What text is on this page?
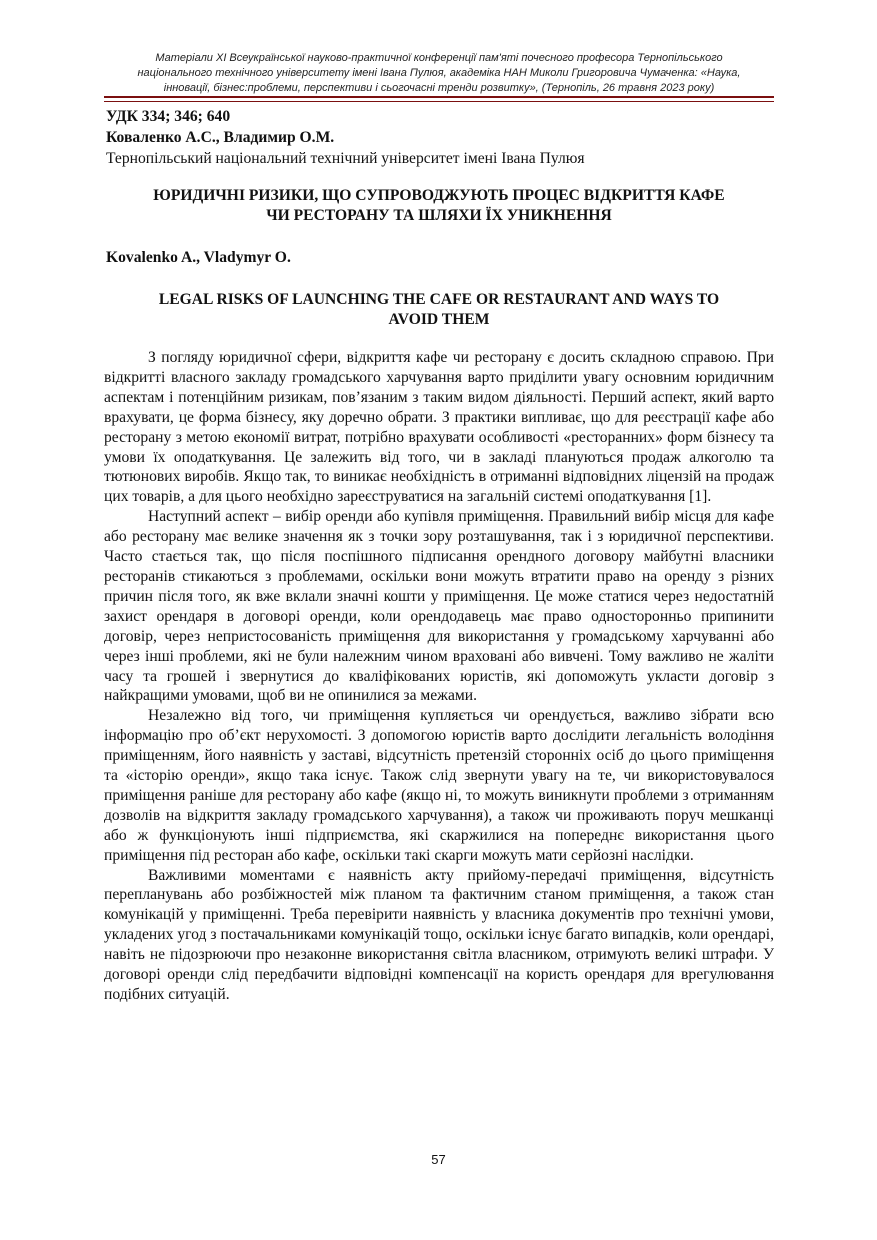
Матеріали XI Всеукраїнської науково-практичної конференції пам'яті почесного професора Тернопільського
національного технічного університету імені Івана Пулюя, академіка НАН Миколи Григоровича Чумаченка: «Наука,
інновації, бізнес:проблеми, перспективи і сьогочасні тренди розвитку», (Тернопіль, 26 травня 2023 року)
УДК 334; 346; 640
Коваленко А.С., Владимир О.М.
Тернопільський національний технічний університет імені Івана Пулюя
ЮРИДИЧНІ РИЗИКИ, ЩО СУПРОВОДЖУЮТЬ ПРОЦЕС ВІДКРИТТЯ КАФЕ
ЧИ РЕСТОРАНУ ТА ШЛЯХИ ЇХ УНИКНЕННЯ
Kovalenko A., Vladymyr O.
LEGAL RISKS OF LAUNCHING THE CAFE OR RESTAURANT AND WAYS TO
AVOID THEM

З погляду юридичної сфери, відкриття кафе чи ресторану є досить складною справою. При відкритті власного закладу громадського харчування варто приділити увагу основним юридичним аспектам і потенційним ризикам, пов’язаним з таким видом діяльності. Перший аспект, який варто врахувати, це форма бізнесу, яку доречно обрати. З практики випливає, що для реєстрації кафе або ресторану з метою економії витрат, потрібно врахувати особливості «ресторанних» форм бізнесу та умови їх оподаткування. Це залежить від того, чи в закладі плануються продаж алкоголю та тютюнових виробів. Якщо так, то виникає необхідність в отриманні відповідних ліцензій на продаж цих товарів, а для цього необхідно зареєструватися на загальній системі оподаткування [1].

Наступний аспект – вибір оренди або купівля приміщення. Правильний вибір місця для кафе або ресторану має велике значення як з точки зору розташування, так і з юридичної перспективи. Часто стається так, що після поспішного підписання орендного договору майбутні власники ресторанів стикаються з проблемами, оскільки вони можуть втратити право на оренду з різних причин після того, як вже вклали значні кошти у приміщення. Це може статися через недостатній захист орендаря в договорі оренди, коли орендодавець має право односторонньо припинити договір, через непристосованість приміщення для використання у громадському харчуванні або через інші проблеми, які не були належним чином враховані або вивчені. Тому важливо не жаліти часу та грошей і звернутися до кваліфікованих юристів, які допоможуть укласти договір з найкращими умовами, щоб ви не опинилися за межами.

Незалежно від того, чи приміщення купляється чи орендується, важливо зібрати всю інформацію про об’єкт нерухомості. З допомогою юристів варто дослідити легальність володіння приміщенням, його наявність у заставі, відсутність претензій сторонніх осіб до цього приміщення та «історію оренди», якщо така існує. Також слід звернути увагу на те, чи використовувалося приміщення раніше для ресторану або кафе (якщо ні, то можуть виникнути проблеми з отриманням дозволів на відкриття закладу громадського харчування), а також чи проживають поруч мешканці або ж функціонують інші підприємства, які скаржилися на попереднє використання цього приміщення під ресторан або кафе, оскільки такі скарги можуть мати серйозні наслідки.

Важливими моментами є наявність акту прийому-передачі приміщення, відсутність перепланувань або розбіжностей між планом та фактичним станом приміщення, а також стан комунікацій у приміщенні. Треба перевірити наявність у власника документів про технічні умови, укладених угод з постачальниками комунікацій тощо, оскільки існує багато випадків, коли орендарі, навіть не підозрюючи про незаконне використання світла власником, отримують великі штрафи. У договорі оренди слід передбачити відповідні компенсації на користь орендаря для врегулювання подібних ситуацій.

57
